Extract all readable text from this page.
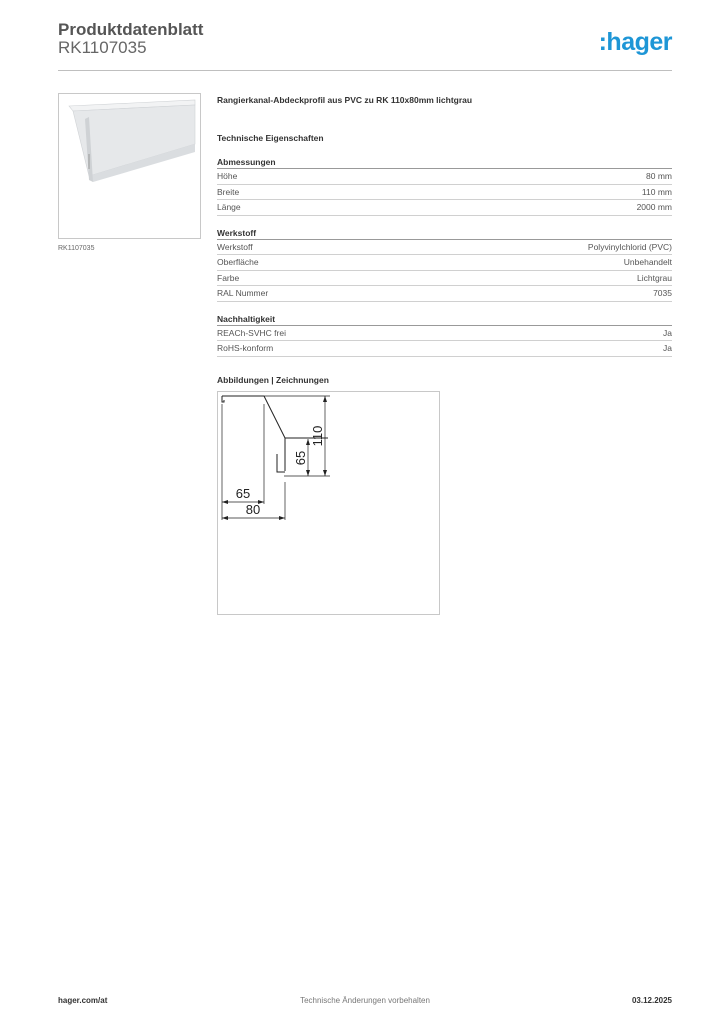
Produktdatenblatt
RK1107035	:hager
RK1107035
Rangierkanal-Abdeckprofil aus PVC zu RK 110x80mm lichtgrau
Technische Eigenschaften
Abmessungen
Höhe	80 mm
Breite	110 mm
Länge	2000 mm
Werkstoff
Werkstoff	Polyvinylchlorid (PVC)
Oberfläche	Unbehandelt
Farbe	Lichtgrau
RAL Nummer	7035
Nachhaltigkeit
REACh-SVHC frei	Ja
RoHS-konform	Ja
Abbildungen | Zeichnungen
110
65
65
80
hager.com/at	Technische Änderungen vorbehalten	03.12.2025
